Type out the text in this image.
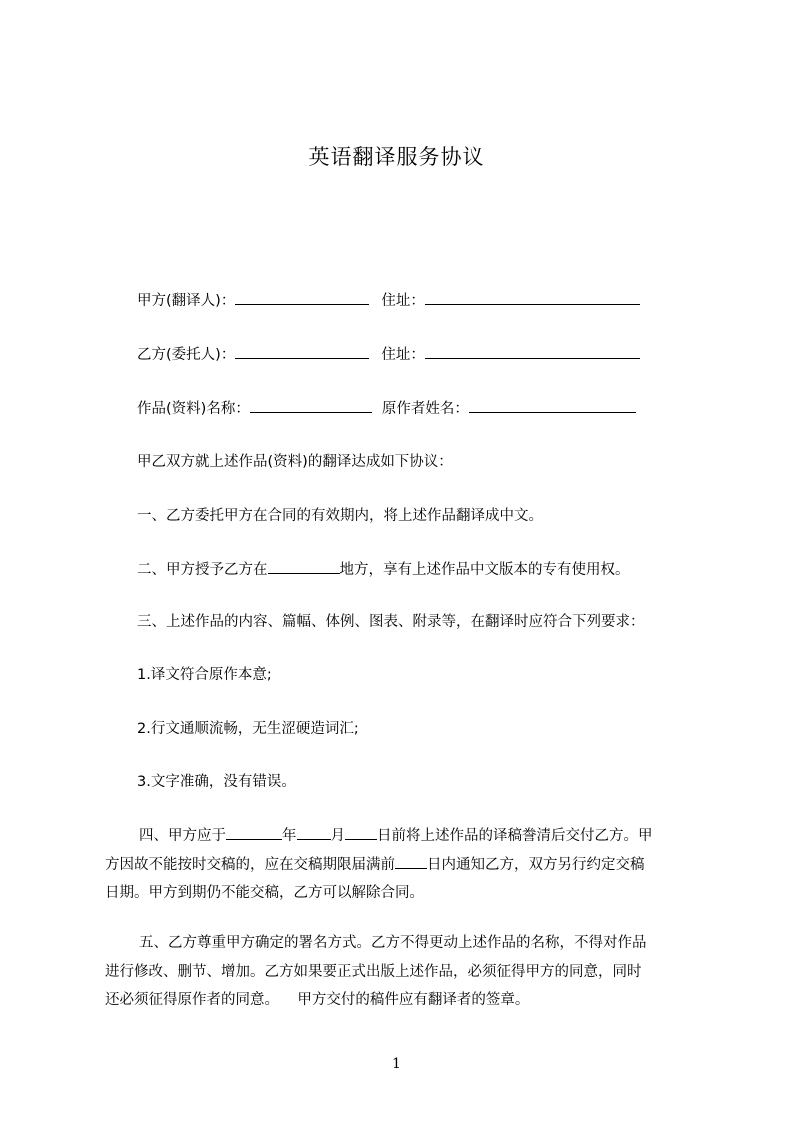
英语翻译服务协议
甲方(翻译人)：	住址：
乙方(委托人)：	住址：
作品(资料)名称：	原作者姓名：
甲乙双方就上述作品(资料)的翻译达成如下协议：
一、乙方委托甲方在合同的有效期内，将上述作品翻译成中文。
二、甲方授予乙方在	地方，享有上述作品中文版本的专有使用权。
三、上述作品的内容、篇幅、体例、图表、附录等，在翻译时应符合下列要求：
1.译文符合原作本意;
2.行文通顺流畅，无生涩硬造词汇;
3.文字准确，没有错误。
四、甲方应于	年 月 日前将上述作品的译稿誊清后交付乙方。甲
方因故不能按时交稿的，应在交稿期限届满前 日内通知乙方，双方另行约定交稿
日期。甲方到期仍不能交稿，乙方可以解除合同。
五、乙方尊重甲方确定的署名方式。乙方不得更动上述作品的名称，不得对作品
进行修改、删节、增加。乙方如果要正式出版上述作品，必须征得甲方的同意，同时
还必须征得原作者的同意。    甲方交付的稿件应有翻译者的签章。
1
